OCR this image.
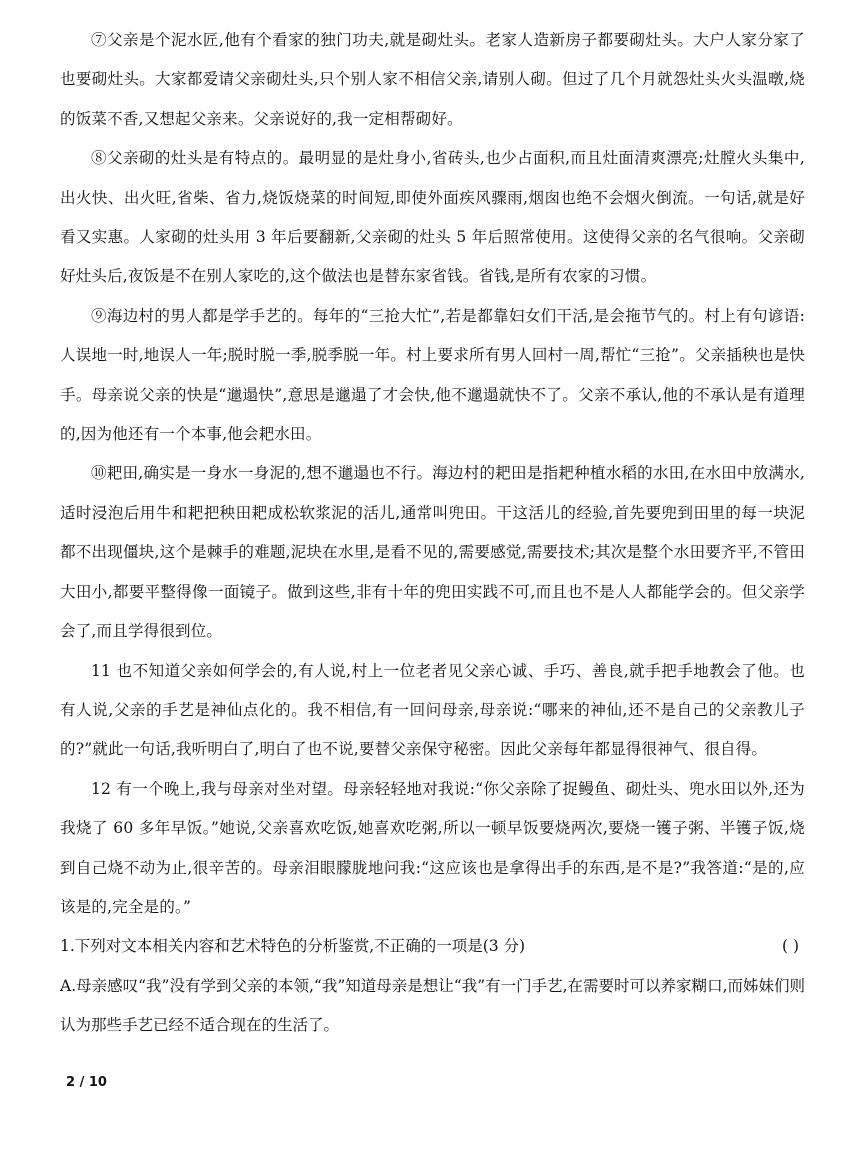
⑦父亲是个泥水匠,他有个看家的独门功夫,就是砌灶头。老家人造新房子都要砌灶头。大户人家分家了也要砌灶头。大家都爱请父亲砌灶头,只个别人家不相信父亲,请别人砌。但过了几个月就怨灶头火头温暾,烧的饭菜不香,又想起父亲来。父亲说好的,我一定相帮砌好。

⑧父亲砌的灶头是有特点的。最明显的是灶身小,省砖头,也少占面积,而且灶面清爽漂亮;灶膛火头集中,出火快、出火旺,省柴、省力,烧饭烧菜的时间短,即使外面疾风骤雨,烟囱也绝不会烟火倒流。一句话,就是好看又实惠。人家砌的灶头用 3 年后要翻新,父亲砌的灶头 5 年后照常使用。这使得父亲的名气很响。父亲砌好灶头后,夜饭是不在别人家吃的,这个做法也是替东家省钱。省钱,是所有农家的习惯。

⑨海边村的男人都是学手艺的。每年的“三抢大忙”,若是都靠妇女们干活,是会拖节气的。村上有句谚语:人误地一时,地误人一年;脱时脱一季,脱季脱一年。村上要求所有男人回村一周,帮忙“三抢”。父亲插秧也是快手。母亲说父亲的快是“邋遢快”,意思是邋遢了才会快,他不邋遢就快不了。父亲不承认,他的不承认是有道理的,因为他还有一个本事,他会耙水田。

⑩耙田,确实是一身水一身泥的,想不邋遢也不行。海边村的耙田是指耙种植水稻的水田,在水田中放满水,适时浸泡后用牛和耙把秧田耙成松软浆泥的活儿,通常叫兜田。干这活儿的经验,首先要兜到田里的每一块泥都不出现僵块,这个是棘手的难题,泥块在水里,是看不见的,需要感觉,需要技术;其次是整个水田要齐平,不管田大田小,都要平整得像一面镜子。做到这些,非有十年的兜田实践不可,而且也不是人人都能学会的。但父亲学会了,而且学得很到位。

11 也不知道父亲如何学会的,有人说,村上一位老者见父亲心诚、手巧、善良,就手把手地教会了他。也有人说,父亲的手艺是神仙点化的。我不相信,有一回问母亲,母亲说:“哪来的神仙,还不是自己的父亲教儿子的?”就此一句话,我听明白了,明白了也不说,要替父亲保守秘密。因此父亲每年都显得很神气、很自得。

12 有一个晚上,我与母亲对坐对望。母亲轻轻地对我说:“你父亲除了捉鳗鱼、砌灶头、兜水田以外,还为我烧了 60 多年早饭。”她说,父亲喜欢吃饭,她喜欢吃粥,所以一顿早饭要烧两次,要烧一镬子粥、半镬子饭,烧到自己烧不动为止,很辛苦的。母亲泪眼朦胧地问我:“这应该也是拿得出手的东西,是不是?”我答道:“是的,应该是的,完全是的。”

1.下列对文本相关内容和艺术特色的分析鉴赏,不正确的一项是(3 分)	( )

A.母亲感叹“我”没有学到父亲的本领,“我”知道母亲是想让“我”有一门手艺,在需要时可以养家糊口,而姊妹们则认为那些手艺已经不适合现在的生活了。

2 / 10
